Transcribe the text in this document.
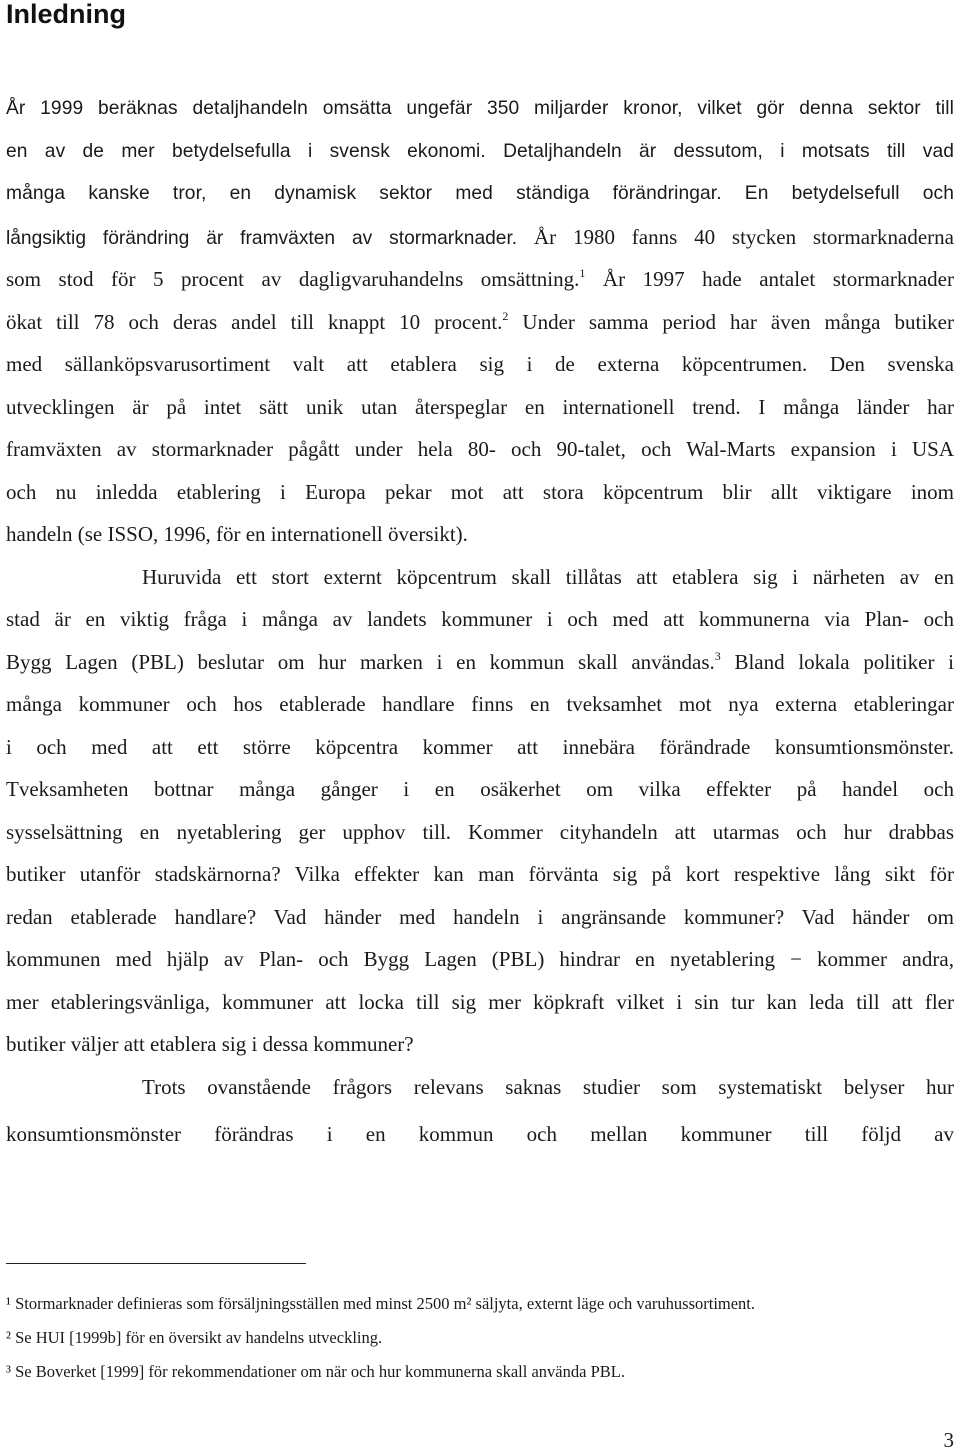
Inledning
År 1999 beräknas detaljhandeln omsätta ungefär 350 miljarder kronor, vilket gör denna sektor till
en av de mer betydelsefulla i svensk ekonomi. Detaljhandeln är dessutom, i motsats till vad
många kanske tror, en dynamisk sektor med ständiga förändringar. En betydelsefull och
långsiktig förändring är framväxten av stormarknader. År 1980 fanns 40 stycken stormarknaderna
som stod för 5 procent av dagligvaruhandelns omsättning.$^1$ År 1997 hade antalet stormarknader
ökat till 78 och deras andel till knappt 10 procent.$^2$ Under samma period har även många butiker
med sällanköpsvarusortiment valt att etablera sig i de externa köpcentrumen. Den svenska
utvecklingen är på intet sätt unik utan återspeglar en internationell trend. I många länder har
framväxten av stormarknader pågått under hela 80- och 90-talet, och Wal-Marts expansion i USA
och nu inledda etablering i Europa pekar mot att stora köpcentrum blir allt viktigare inom
handeln (se ISSO, 1996, för en internationell översikt).
Huruvida ett stort externt köpcentrum skall tillåtas att etablera sig i närheten av en
stad är en viktig fråga i många av landets kommuner i och med att kommunerna via Plan- och
Bygg Lagen (PBL) beslutar om hur marken i en kommun skall användas.$^3$ Bland lokala politiker i
många kommuner och hos etablerade handlare finns en tveksamhet mot nya externa etableringar
i och med att ett större köpcentra kommer att innebära förändrade konsumtionsmönster.
Tveksamheten bottnar många gånger i en osäkerhet om vilka effekter på handel och
sysselsättning en nyetablering ger upphov till. Kommer cityhandeln att utarmas och hur drabbas
butiker utanför stadskärnorna? Vilka effekter kan man förvänta sig på kort respektive lång sikt för
redan etablerade handlare? Vad händer med handeln i angränsande kommuner? Vad händer om
kommunen med hjälp av Plan- och Bygg Lagen (PBL) hindrar en nyetablering − kommer andra,
mer etableringsvänliga, kommuner att locka till sig mer köpkraft vilket i sin tur kan leda till att fler
butiker väljer att etablera sig i dessa kommuner?
Trots ovanstående frågors relevans saknas studier som systematiskt belyser hur
konsumtionsmönster förändras i en kommun och mellan kommuner till följd av
¹ Stormarknader definieras som försäljningsställen med minst 2500 m² säljyta, externt läge och varuhussortiment.
² Se HUI [1999b] för en översikt av handelns utveckling.
³ Se Boverket [1999] för rekommendationer om när och hur kommunerna skall använda PBL.
3
